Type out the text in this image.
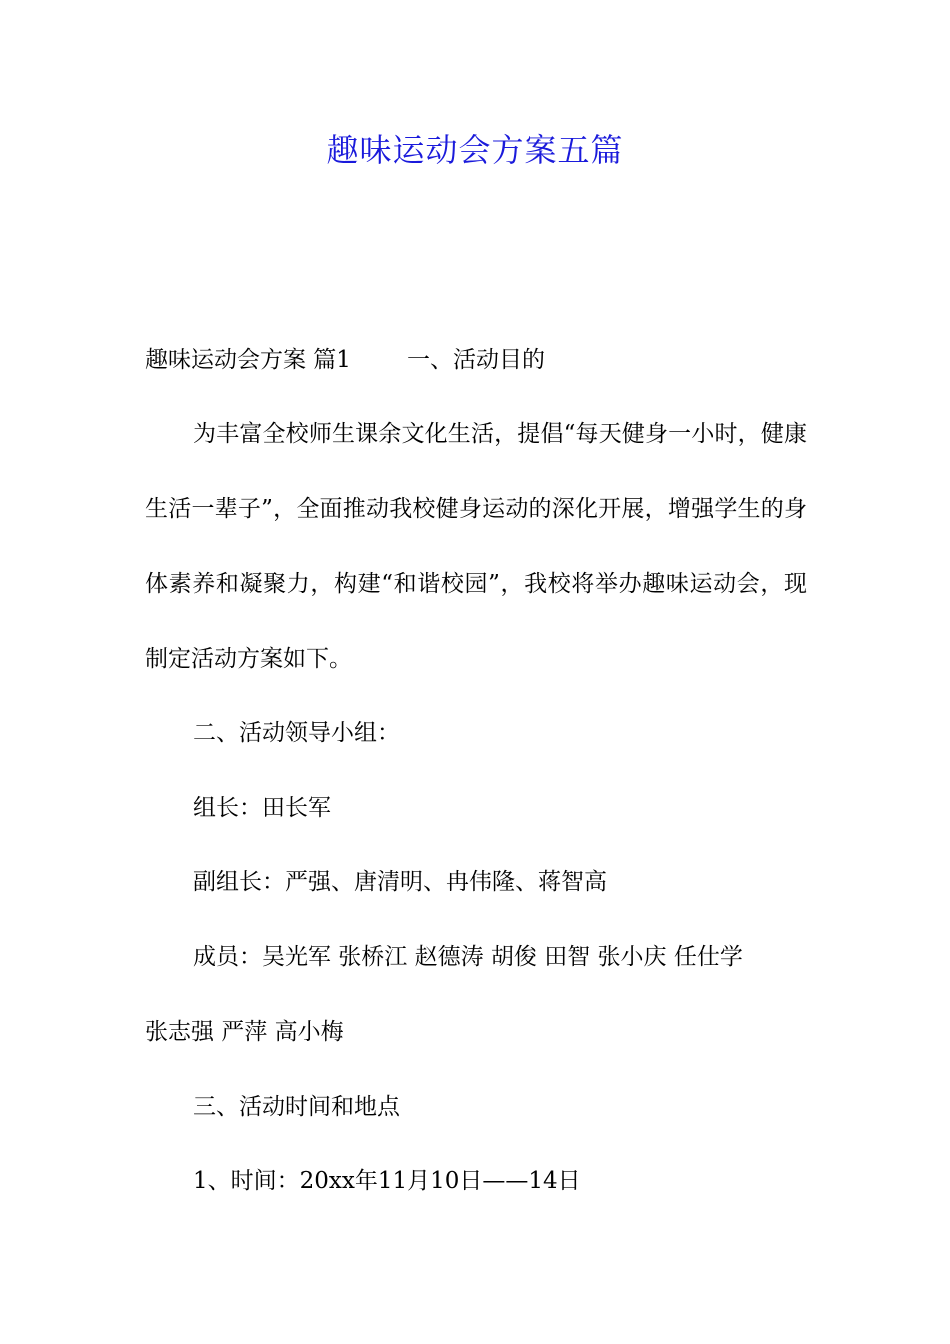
趣味运动会方案五篇
趣味运动会方案 篇1 一、活动目的
为丰富全校师生课余文化生活，提倡“每天健身一小时，健康生活一辈子”，全面推动我校健身运动的深化开展，增强学生的身体素养和凝聚力，构建“和谐校园”，我校将举办趣味运动会，现制定活动方案如下。
二、活动领导小组：
组长：田长军
副组长：严强、唐清明、冉伟隆、蒋智高
成员：吴光军 张桥江 赵德涛 胡俊 田智 张小庆 任仕学
张志强 严萍 高小梅
三、活动时间和地点
1、时间：20xx年11月10日——14日
